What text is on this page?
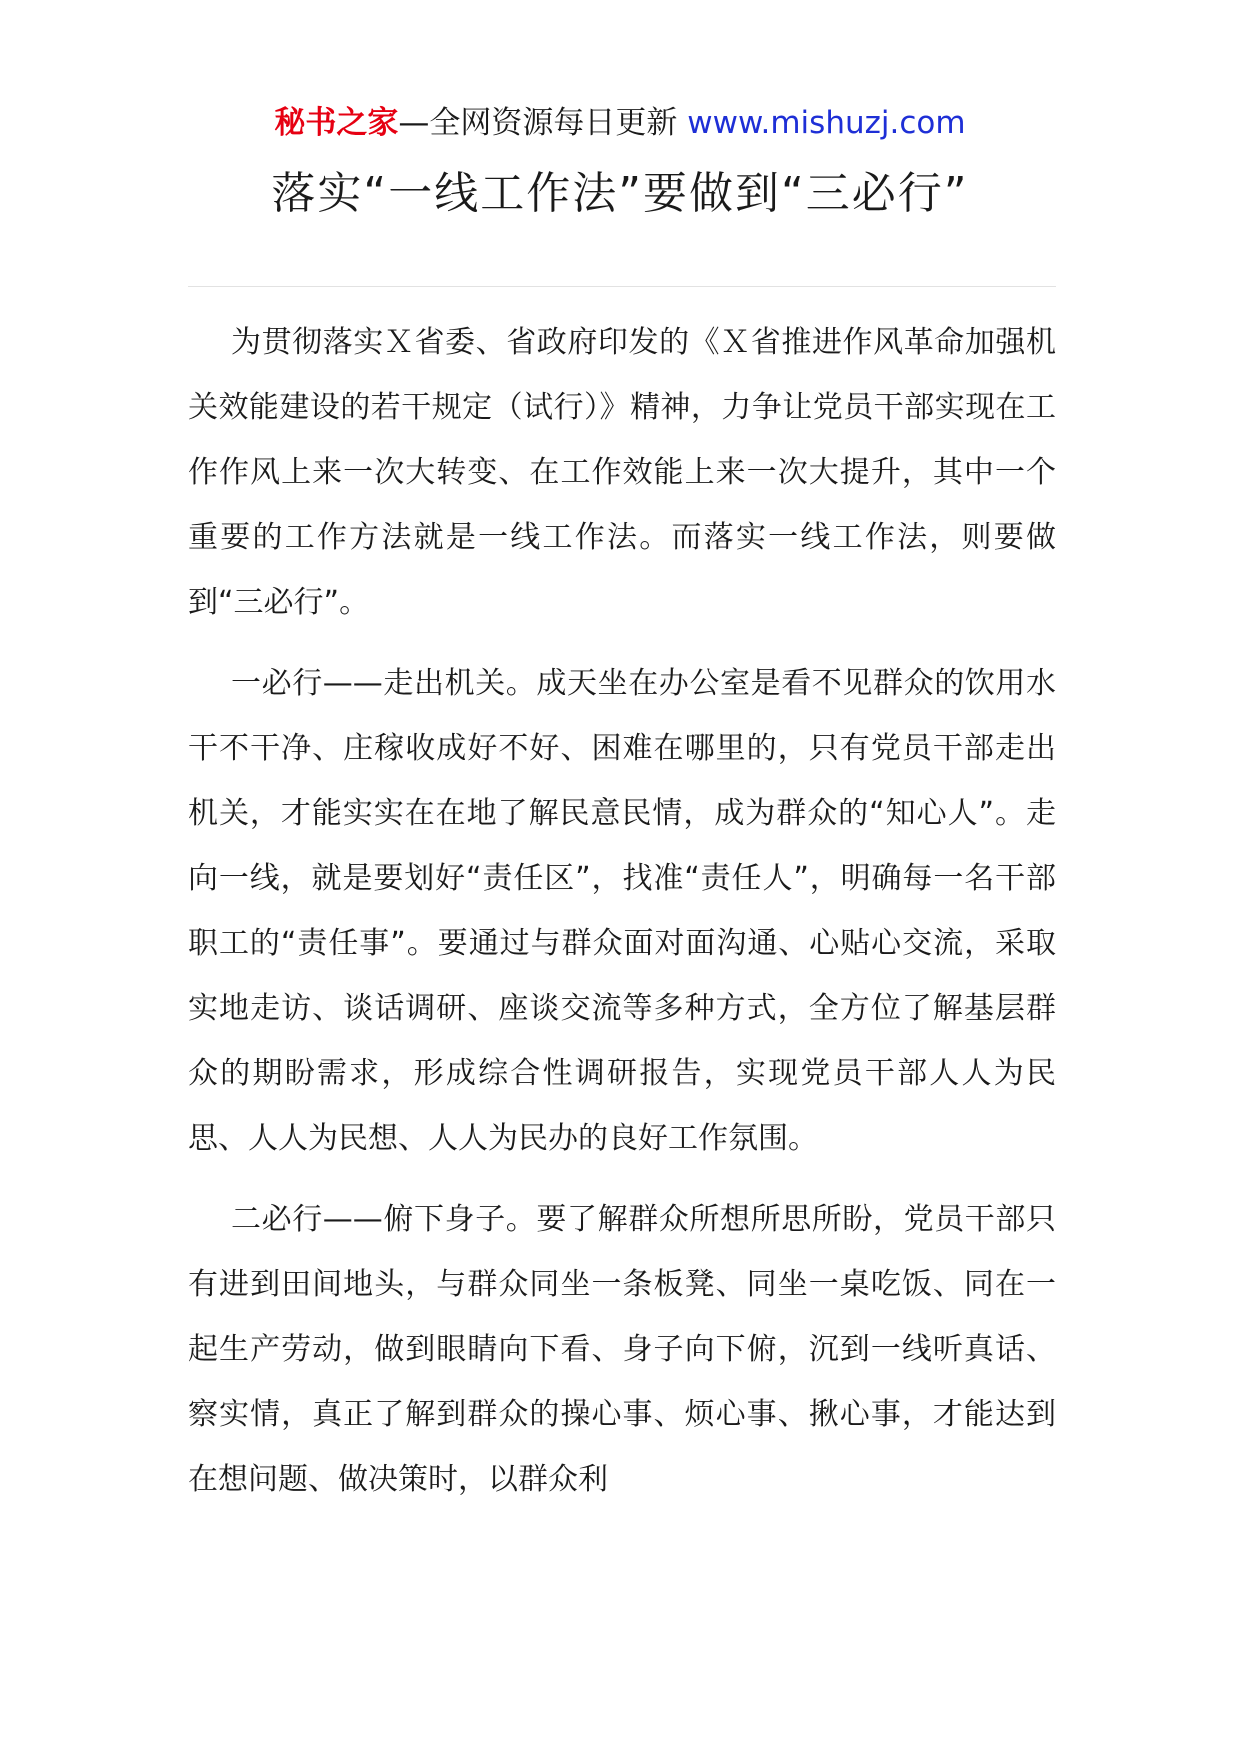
秘书之家—全网资源每日更新 www.mishuzj.com
落实“一线工作法”要做到“三必行”

为贯彻落实Ｘ省委、省政府印发的《Ｘ省推进作风革命加强机关效能建设的若干规定（试行）》精神，力争让党员干部实现在工作作风上来一次大转变、在工作效能上来一次大提升，其中一个重要的工作方法就是一线工作法。而落实一线工作法，则要做到“三必行”。

一必行——走出机关。成天坐在办公室是看不见群众的饮用水干不干净、庄稼收成好不好、困难在哪里的，只有党员干部走出机关，才能实实在在地了解民意民情，成为群众的“知心人”。走向一线，就是要划好“责任区”，找准“责任人”，明确每一名干部职工的“责任事”。要通过与群众面对面沟通、心贴心交流，采取实地走访、谈话调研、座谈交流等多种方式，全方位了解基层群众的期盼需求，形成综合性调研报告，实现党员干部人人为民思、人人为民想、人人为民办的良好工作氛围。

二必行——俯下身子。要了解群众所想所思所盼，党员干部只有进到田间地头，与群众同坐一条板凳、同坐一桌吃饭、同在一起生产劳动，做到眼睛向下看、身子向下俯，沉到一线听真话、察实情，真正了解到群众的操心事、烦心事、揪心事，才能达到在想问题、做决策时，以群众利
